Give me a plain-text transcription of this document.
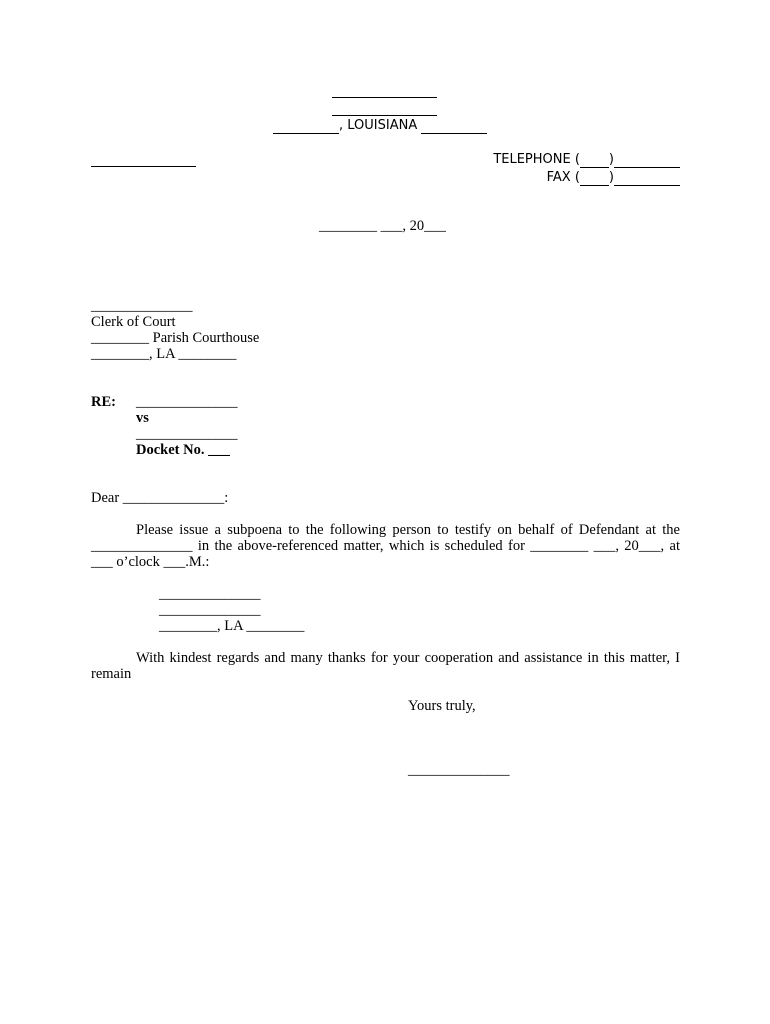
, LOUISIANA
TELEPHONE ( )
FAX ( )
________ ___, 20___
______________
Clerk of Court
________ Parish Courthouse
________, LA ________
RE: ______________
vs
______________
Docket No. ___
Dear ______________:
Please issue a subpoena to the following person to testify on behalf of Defendant at the ______________ in the above-referenced matter, which is scheduled for ________ ___, 20___, at ___ o’clock ___.M.:
______________
______________
________, LA ________
With kindest regards and many thanks for your cooperation and assistance in this matter, I remain
Yours truly,
______________
